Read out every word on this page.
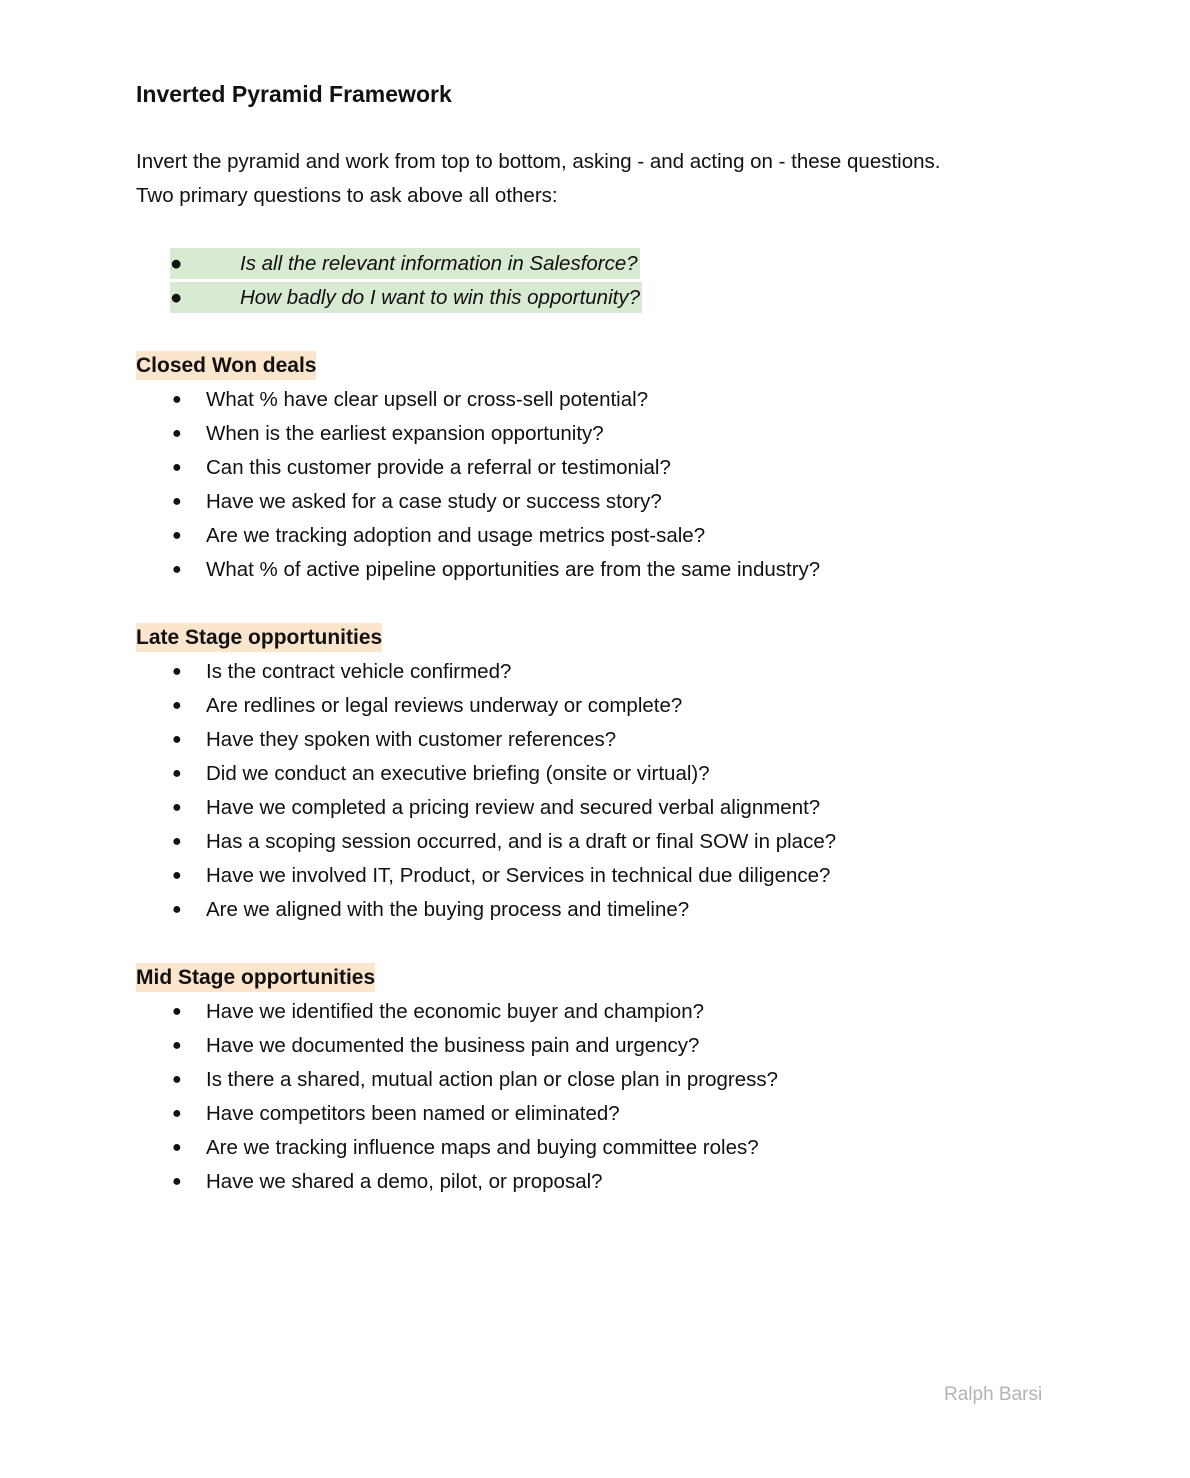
Inverted Pyramid Framework
Invert the pyramid and work from top to bottom, asking - and acting on - these questions.
Two primary questions to ask above all others:
●	Is all the relevant information in Salesforce?
●	How badly do I want to win this opportunity?
Closed Won deals
● What % have clear upsell or cross-sell potential?
● When is the earliest expansion opportunity?
● Can this customer provide a referral or testimonial?
● Have we asked for a case study or success story?
● Are we tracking adoption and usage metrics post-sale?
● What % of active pipeline opportunities are from the same industry?
Late Stage opportunities
● Is the contract vehicle confirmed?
● Are redlines or legal reviews underway or complete?
● Have they spoken with customer references?
● Did we conduct an executive briefing (onsite or virtual)?
● Have we completed a pricing review and secured verbal alignment?
● Has a scoping session occurred, and is a draft or final SOW in place?
● Have we involved IT, Product, or Services in technical due diligence?
● Are we aligned with the buying process and timeline?
Mid Stage opportunities
● Have we identified the economic buyer and champion?
● Have we documented the business pain and urgency?
● Is there a shared, mutual action plan or close plan in progress?
● Have competitors been named or eliminated?
● Are we tracking influence maps and buying committee roles?
● Have we shared a demo, pilot, or proposal?
Ralph Barsi
